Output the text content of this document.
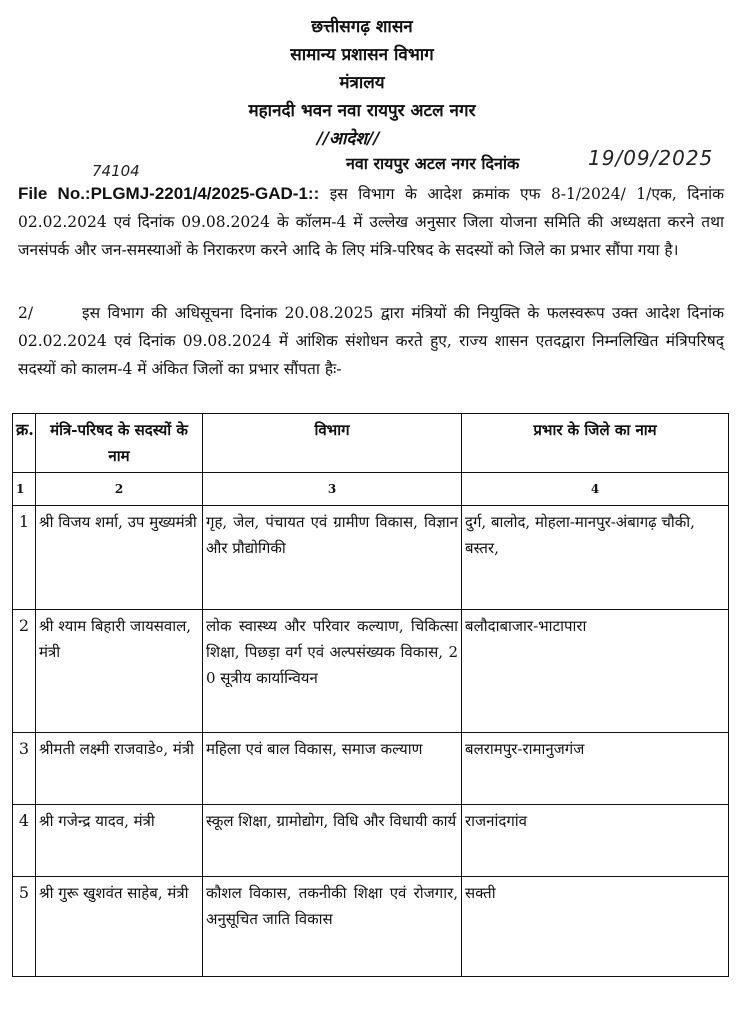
छत्तीसगढ़ शासन
सामान्य प्रशासन विभाग
मंत्रालय
महानदी भवन नवा रायपुर अटल नगर
//आदेश//
नवा रायपुर अटल नगर दिनांक	19/09/2025
74104
File No.:PLGMJ-2201/4/2025-GAD-1:: इस विभाग के आदेश क्रमांक एफ 8-1/2024/ 1/एक, दिनांक 02.02.2024 एवं दिनांक 09.08.2024 के कॉलम-4 में उल्लेख अनुसार जिला योजना समिति की अध्यक्षता करने तथा जनसंपर्क और जन-समस्याओं के निराकरण करने आदि के लिए मंत्रि-परिषद के सदस्यों को जिले का प्रभार सौंपा गया है।
2/	इस विभाग की अधिसूचना दिनांक 20.08.2025 द्वारा मंत्रियों की नियुक्ति के फलस्वरूप उक्त आदेश दिनांक 02.02.2024 एवं दिनांक 09.08.2024 में आंशिक संशोधन करते हुए, राज्य शासन एतदद्वारा निम्नलिखित मंत्रिपरिषद् सदस्यों को कालम-4 में अंकित जिलों का प्रभार सौंपता हैः-
क्र.	मंत्रि-परिषद के सदस्यों के नाम	विभाग	प्रभार के जिले का नाम
1	2	3	4
1	श्री विजय शर्मा, उप मुख्यमंत्री	गृह, जेल, पंचायत एवं ग्रामीण विकास, विज्ञान और प्रौद्योगिकी	दुर्ग, बालोद, मोहला-मानपुर-अंबागढ़ चौकी, बस्तर,
2	श्री श्याम बिहारी जायसवाल, मंत्री	लोक स्वास्थ्य और परिवार कल्याण, चिकित्सा शिक्षा, पिछड़ा वर्ग एवं अल्पसंख्यक विकास, 2 0 सूत्रीय कार्यान्वियन	बलौदाबाजार-भाटापारा
3	श्रीमती लक्ष्मी राजवाडे०, मंत्री	महिला एवं बाल विकास, समाज कल्याण	बलरामपुर-रामानुजगंज
4	श्री गजेन्द्र यादव, मंत्री	स्कूल शिक्षा, ग्रामोद्योग, विधि और विधायी कार्य	राजनांदगांव
5	श्री गुरू खुशवंत साहेब, मंत्री	कौशल विकास, तकनीकी शिक्षा एवं रोजगार, अनुसूचित जाति विकास	सक्ती
